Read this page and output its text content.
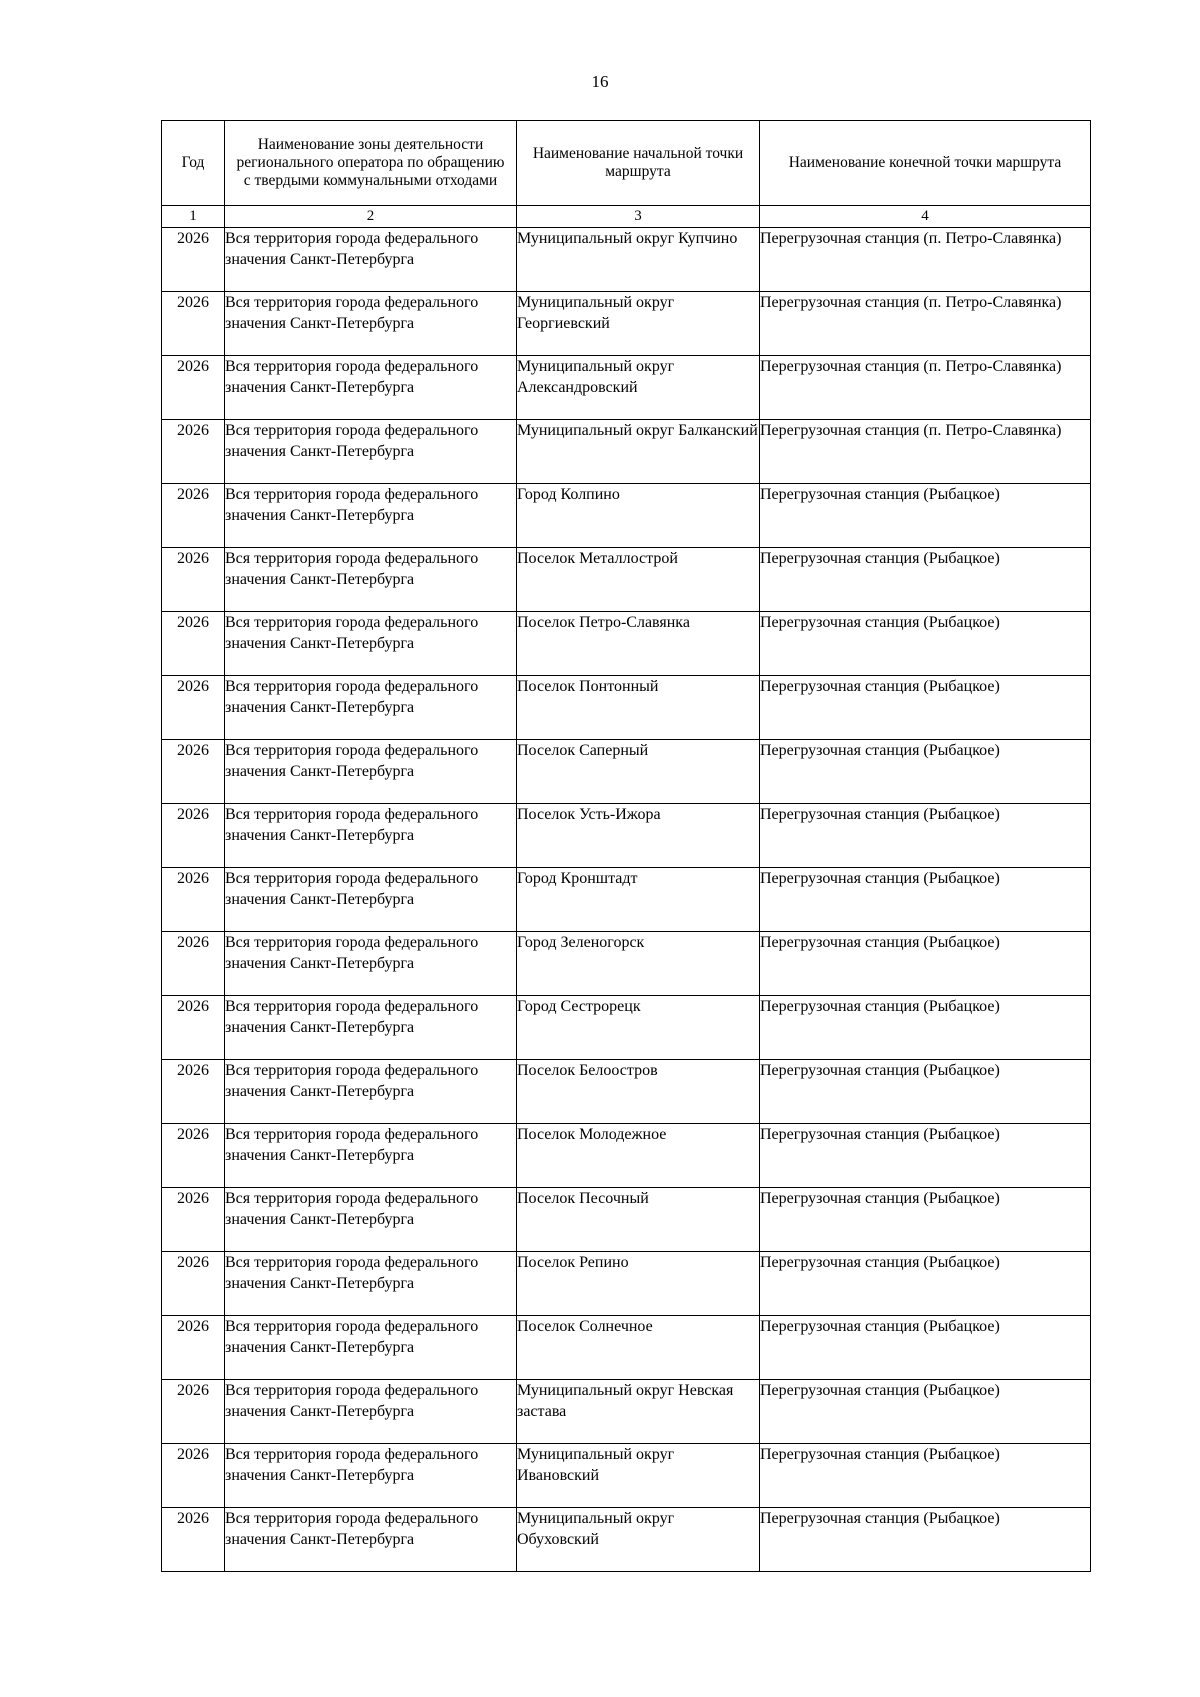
16
Год	Наименование зоны деятельности регионального оператора по обращению с твердыми коммунальными отходами	Наименование начальной точки маршрута	Наименование конечной точки маршрута
1	2	3	4
2026	Вся территория города федерального значения Санкт-Петербурга	Муниципальный округ Купчино	Перегрузочная станция (п. Петро-Славянка)
2026	Вся территория города федерального значения Санкт-Петербурга	Муниципальный округ Георгиевский	Перегрузочная станция (п. Петро-Славянка)
2026	Вся территория города федерального значения Санкт-Петербурга	Муниципальный округ Александровский	Перегрузочная станция (п. Петро-Славянка)
2026	Вся территория города федерального значения Санкт-Петербурга	Муниципальный округ Балканский	Перегрузочная станция (п. Петро-Славянка)
2026	Вся территория города федерального значения Санкт-Петербурга	Город Колпино	Перегрузочная станция (Рыбацкое)
2026	Вся территория города федерального значения Санкт-Петербурга	Поселок Металлострой	Перегрузочная станция (Рыбацкое)
2026	Вся территория города федерального значения Санкт-Петербурга	Поселок Петро-Славянка	Перегрузочная станция (Рыбацкое)
2026	Вся территория города федерального значения Санкт-Петербурга	Поселок Понтонный	Перегрузочная станция (Рыбацкое)
2026	Вся территория города федерального значения Санкт-Петербурга	Поселок Саперный	Перегрузочная станция (Рыбацкое)
2026	Вся территория города федерального значения Санкт-Петербурга	Поселок Усть-Ижора	Перегрузочная станция (Рыбацкое)
2026	Вся территория города федерального значения Санкт-Петербурга	Город Кронштадт	Перегрузочная станция (Рыбацкое)
2026	Вся территория города федерального значения Санкт-Петербурга	Город Зеленогорск	Перегрузочная станция (Рыбацкое)
2026	Вся территория города федерального значения Санкт-Петербурга	Город Сестрорецк	Перегрузочная станция (Рыбацкое)
2026	Вся территория города федерального значения Санкт-Петербурга	Поселок Белоостров	Перегрузочная станция (Рыбацкое)
2026	Вся территория города федерального значения Санкт-Петербурга	Поселок Молодежное	Перегрузочная станция (Рыбацкое)
2026	Вся территория города федерального значения Санкт-Петербурга	Поселок Песочный	Перегрузочная станция (Рыбацкое)
2026	Вся территория города федерального значения Санкт-Петербурга	Поселок Репино	Перегрузочная станция (Рыбацкое)
2026	Вся территория города федерального значения Санкт-Петербурга	Поселок Солнечное	Перегрузочная станция (Рыбацкое)
2026	Вся территория города федерального значения Санкт-Петербурга	Муниципальный округ Невская застава	Перегрузочная станция (Рыбацкое)
2026	Вся территория города федерального значения Санкт-Петербурга	Муниципальный округ Ивановский	Перегрузочная станция (Рыбацкое)
2026	Вся территория города федерального значения Санкт-Петербурга	Муниципальный округ Обуховский	Перегрузочная станция (Рыбацкое)
